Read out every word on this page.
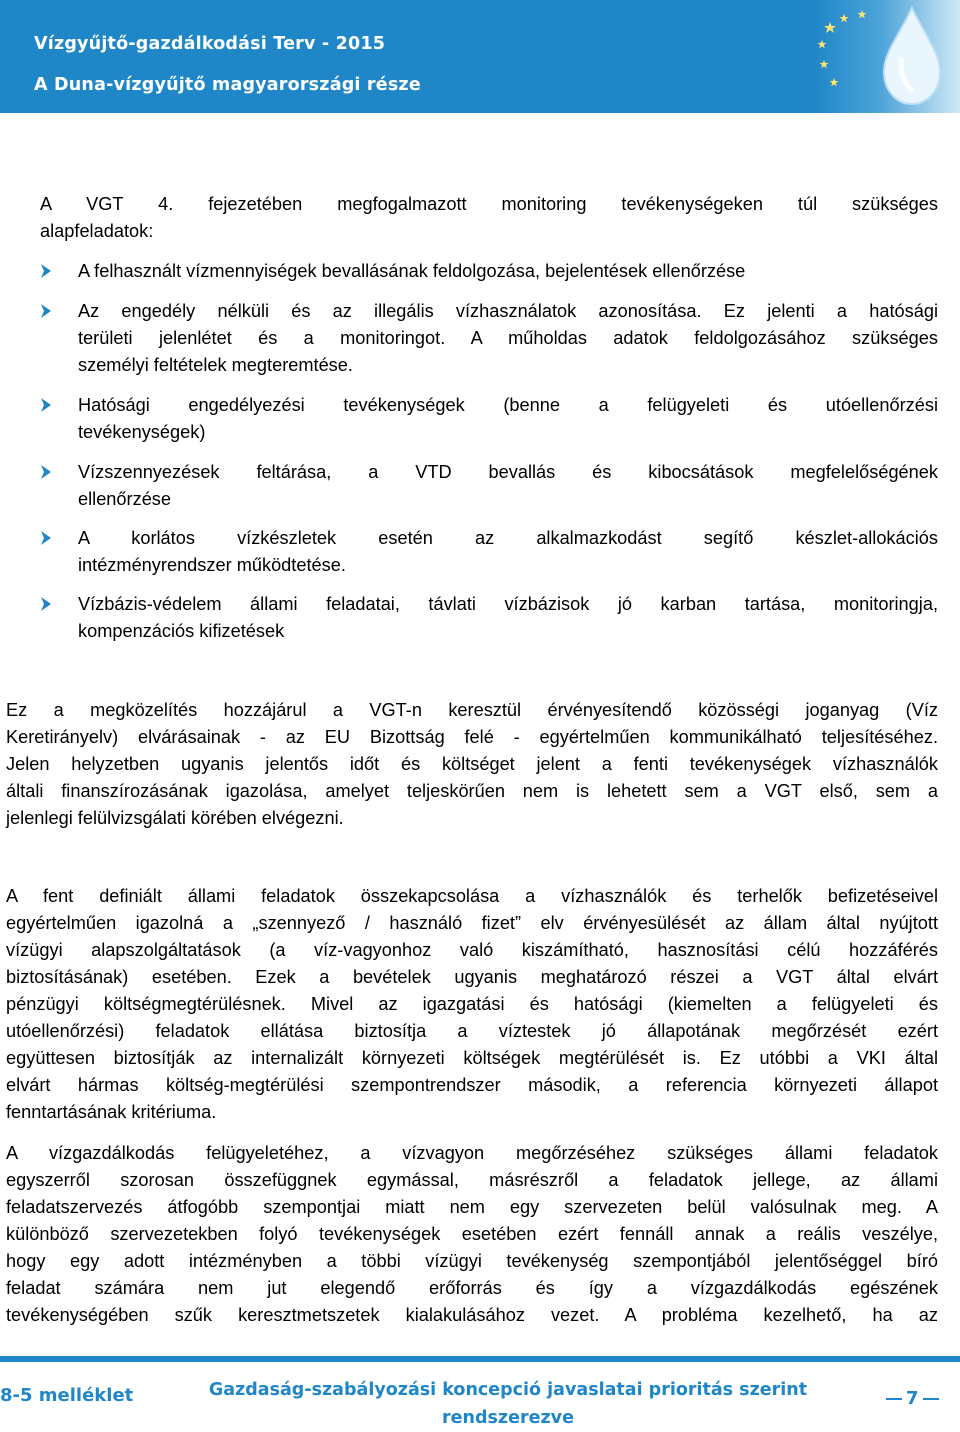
Vízgyűjtő-gazdálkodási Terv - 2015
A Duna-vízgyűjtő magyarországi része
A VGT 4. fejezetében megfogalmazott monitoring tevékenységeken túl szükséges
alapfeladatok:
A felhasznált vízmennyiségek bevallásának feldolgozása, bejelentések ellenőrzése
Az engedély nélküli és az illegális vízhasználatok azonosítása. Ez jelenti a hatósági
területi jelenlétet és a monitoringot. A műholdas adatok feldolgozásához szükséges
személyi feltételek megteremtése.
Hatósági engedélyezési tevékenységek (benne a felügyeleti és utóellenőrzési
tevékenységek)
Vízszennyezések feltárása, a VTD bevallás és kibocsátások megfelelőségének
ellenőrzése
A korlátos vízkészletek esetén az alkalmazkodást segítő készlet-allokációs
intézményrendszer működtetése.
Vízbázis-védelem állami feladatai, távlati vízbázisok jó karban tartása, monitoringja,
kompenzációs kifizetések
Ez a megközelítés hozzájárul a VGT-n keresztül érvényesítendő közösségi joganyag (Víz
Keretirányelv) elvárásainak - az EU Bizottság felé - egyértelműen kommunikálható teljesítéséhez.
Jelen helyzetben ugyanis jelentős időt és költséget jelent a fenti tevékenységek vízhasználók
általi finanszírozásának igazolása, amelyet teljeskörűen nem is lehetett sem a VGT első, sem a
jelenlegi felülvizsgálati körében elvégezni.
A fent definiált állami feladatok összekapcsolása a vízhasználók és terhelők befizetéseivel
egyértelműen igazolná a „szennyező / használó fizet” elv érvényesülését az állam által nyújtott
vízügyi alapszolgáltatások (a víz-vagyonhoz való kiszámítható, hasznosítási célú hozzáférés
biztosításának) esetében. Ezek a bevételek ugyanis meghatározó részei a VGT által elvárt
pénzügyi költségmegtérülésnek. Mivel az igazgatási és hatósági (kiemelten a felügyeleti és
utóellenőrzési) feladatok ellátása biztosítja a víztestek jó állapotának megőrzését ezért
együttesen biztosítják az internalizált környezeti költségek megtérülését is. Ez utóbbi a VKI által
elvárt hármas költség-megtérülési szempontrendszer második, a referencia környezeti állapot
fenntartásának kritériuma.
A vízgazdálkodás felügyeletéhez, a vízvagyon megőrzéséhez szükséges állami feladatok
egyszerről szorosan összefüggnek egymással, másrészről a feladatok jellege, az állami
feladatszervezés átfogóbb szempontjai miatt nem egy szervezeten belül valósulnak meg. A
különböző szervezetekben folyó tevékenységek esetében ezért fennáll annak a reális veszélye,
hogy egy adott intézményben a többi vízügyi tevékenység szempontjából jelentőséggel bíró
feladat számára nem jut elegendő erőforrás és így a vízgazdálkodás egészének
tevékenységében szűk keresztmetszetek kialakulásához vezet. A probléma kezelhető, ha az
8-5 melléklet	Gazdaság-szabályozási koncepció javaslatai prioritás szerint
rendszerezve
7
